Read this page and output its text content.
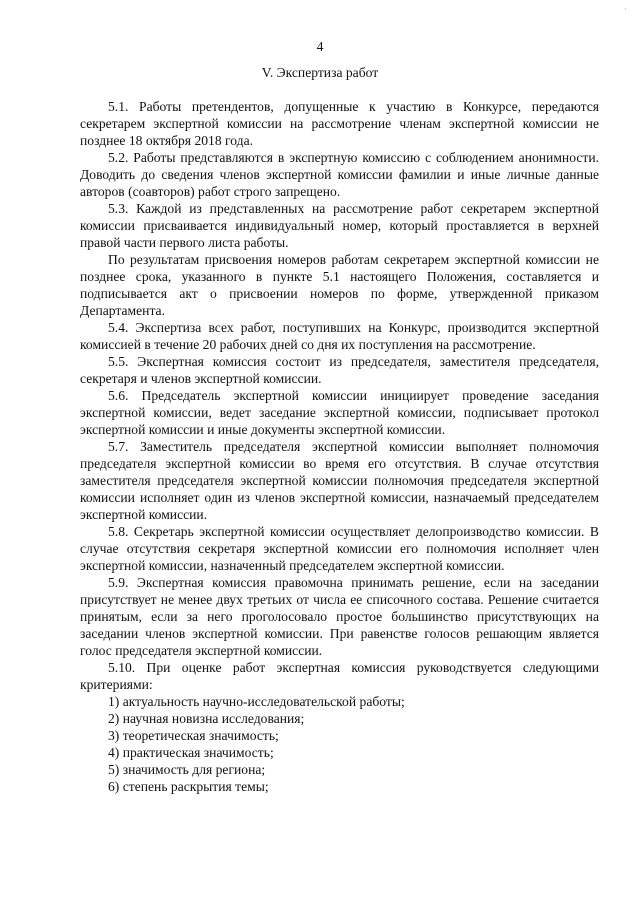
·
4
V. Экспертиза работ

5.1. Работы претендентов, допущенные к участию в Конкурсе, передаются секретарем экспертной комиссии на рассмотрение членам экспертной комиссии не позднее 18 октября 2018 года.

5.2. Работы представляются в экспертную комиссию с соблюдением анонимности. Доводить до сведения членов экспертной комиссии фамилии и иные личные данные авторов (соавторов) работ строго запрещено.

5.3. Каждой из представленных на рассмотрение работ секретарем экспертной комиссии присваивается индивидуальный номер, который проставляется в верхней правой части первого листа работы.

По результатам присвоения номеров работам секретарем экспертной комиссии не позднее срока, указанного в пункте 5.1 настоящего Положения, составляется и подписывается акт о присвоении номеров по форме, утвержденной приказом Департамента.

5.4. Экспертиза всех работ, поступивших на Конкурс, производится экспертной комиссией в течение 20 рабочих дней со дня их поступления на рассмотрение.

5.5. Экспертная комиссия состоит из председателя, заместителя председателя, секретаря и членов экспертной комиссии.

5.6. Председатель экспертной комиссии инициирует проведение заседания экспертной комиссии, ведет заседание экспертной комиссии, подписывает протокол экспертной комиссии и иные документы экспертной комиссии.

5.7. Заместитель председателя экспертной комиссии выполняет полномочия председателя экспертной комиссии во время его отсутствия. В случае отсутствия заместителя председателя экспертной комиссии полномочия председателя экспертной комиссии исполняет один из членов экспертной комиссии, назначаемый председателем экспертной комиссии.

5.8. Секретарь экспертной комиссии осуществляет делопроизводство комиссии. В случае отсутствия секретаря экспертной комиссии его полномочия исполняет член экспертной комиссии, назначенный председателем экспертной комиссии.

5.9. Экспертная комиссия правомочна принимать решение, если на заседании присутствует не менее двух третьих от числа ее списочного состава. Решение считается принятым, если за него проголосовало простое большинство присутствующих на заседании членов экспертной комиссии. При равенстве голосов решающим является голос председателя экспертной комиссии.

5.10. При оценке работ экспертная комиссия руководствуется следующими критериями:

1) актуальность научно-исследовательской работы;
2) научная новизна исследования;
3) теоретическая значимость;
4) практическая значимость;
5) значимость для региона;
6) степень раскрытия темы;
